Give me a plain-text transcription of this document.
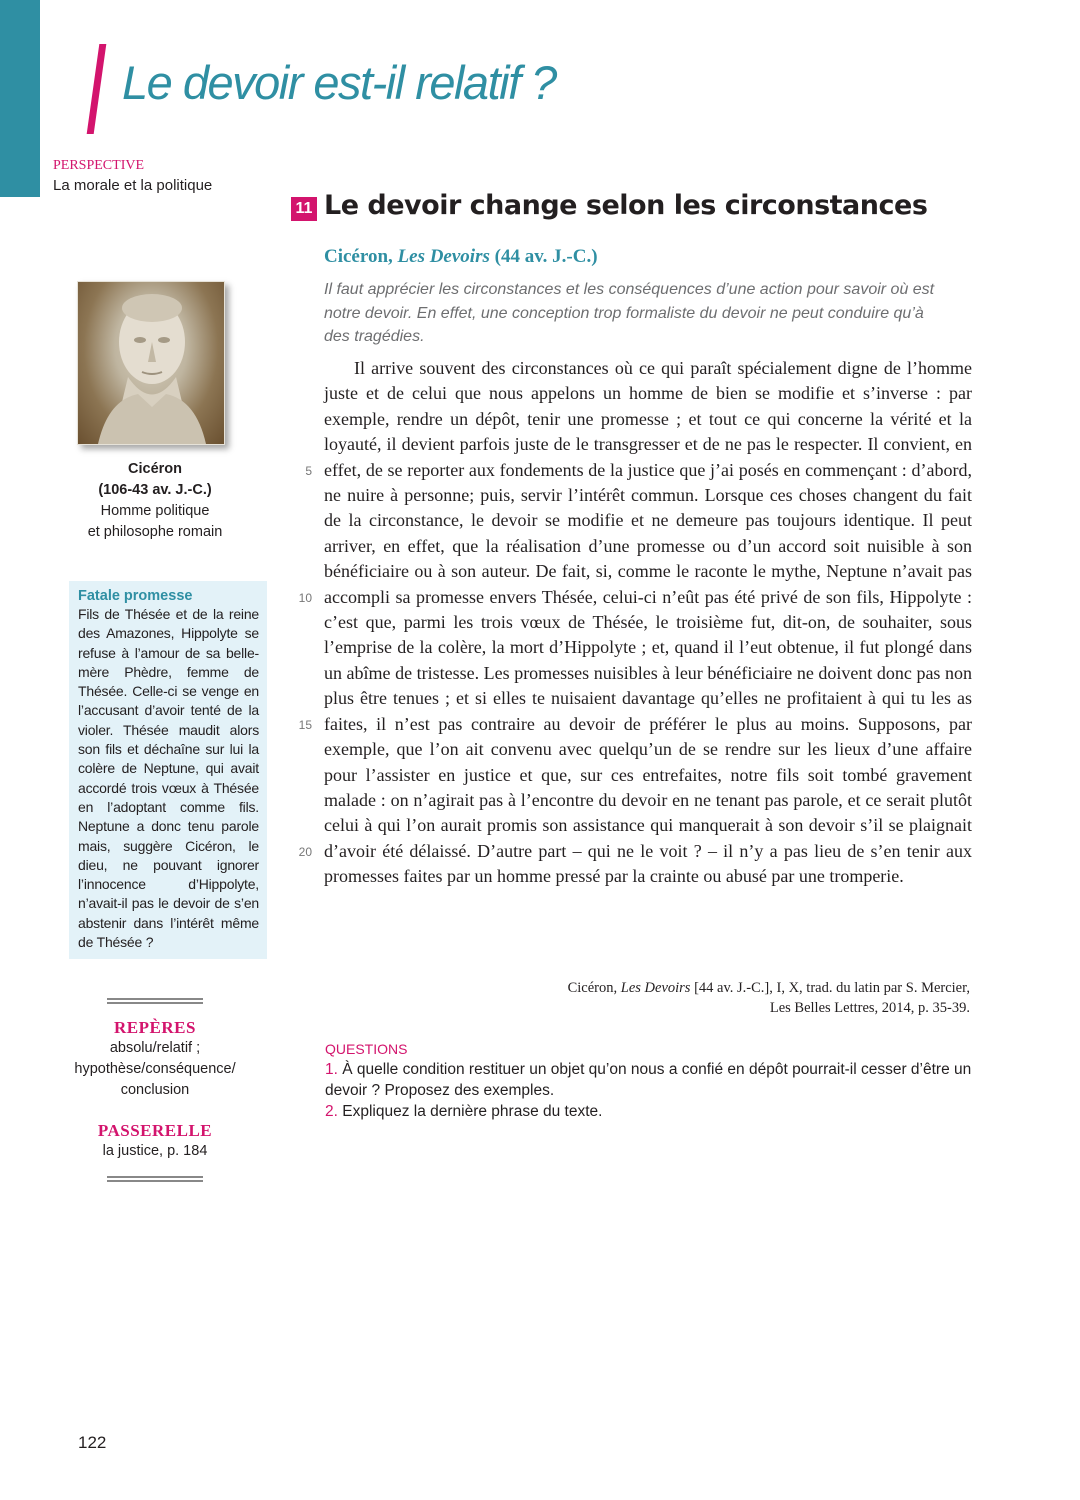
Le devoir est-il relatif ?
PERSPECTIVE
La morale et la politique
Cicéron
(106-43 av. J.-C.)
Homme politique
et philosophe romain
Fatale promesse
Fils de Thésée et de la reine des Amazones, Hippolyte se refuse à l’amour de sa belle-mère Phèdre, femme de Thésée. Celle-ci se venge en l’accusant d’avoir tenté de la violer. Thésée maudit alors son fils et déchaîne sur lui la colère de Neptune, qui avait accordé trois vœux à Thésée en l’adoptant comme fils. Neptune a donc tenu parole mais, suggère Cicéron, le dieu, ne pouvant ignorer l’innocence d’Hippolyte, n’avait-il pas le devoir de s’en abstenir dans l’intérêt même de Thésée ?
REPÈRES
absolu/relatif ;
hypothèse/conséquence/
conclusion
PASSERELLE
la justice, p. 184
11 Le devoir change selon les circonstances
Cicéron, Les Devoirs (44 av. J.-C.)
Il faut apprécier les circonstances et les conséquences d’une action pour savoir où est notre devoir. En effet, une conception trop formaliste du devoir ne peut conduire qu’à des tragédies.

Il arrive souvent des circonstances où ce qui paraît spécialement digne de l’homme juste et de celui que nous appelons un homme de bien se modifie et s’inverse : par exemple, rendre un dépôt, tenir une promesse ; et tout ce qui concerne la vérité et la loyauté, il devient parfois juste de le transgresser et de ne pas le respecter. Il convient, en effet, de se reporter aux fondements de la justice que j’ai posés en commençant : d’abord, ne nuire à personne; puis, servir l’intérêt commun. Lorsque ces choses changent du fait de la circonstance, le devoir se modifie et ne demeure pas toujours identique. Il peut arriver, en effet, que la réalisation d’une promesse ou d’un accord soit nuisible à son bénéficiaire ou à son auteur. De fait, si, comme le raconte le mythe, Neptune n’avait pas accompli sa promesse envers Thésée, celui-ci n’eût pas été privé de son fils, Hippolyte : c’est que, parmi les trois vœux de Thésée, le troisième fut, dit-on, de souhaiter, sous l’emprise de la colère, la mort d’Hippolyte ; et, quand il l’eut obtenue, il fut plongé dans un abîme de tristesse. Les promesses nuisibles à leur bénéficiaire ne doivent donc pas non plus être tenues ; et si elles te nuisaient davantage qu’elles ne profitaient à qui tu les as faites, il n’est pas contraire au devoir de préférer le plus au moins. Supposons, par exemple, que l’on ait convenu avec quelqu’un de se rendre sur les lieux d’une affaire pour l’assister en justice et que, sur ces entrefaites, notre fils soit tombé gravement malade : on n’agirait pas à l’encontre du devoir en ne tenant pas parole, et ce serait plutôt celui à qui l’on aurait promis son assistance qui manquerait à son devoir s’il se plaignait d’avoir été délaissé. D’autre part – qui ne le voit ? – il n’y a pas lieu de s’en tenir aux promesses faites par un homme pressé par la crainte ou abusé par une tromperie.

5
10
15
20
Cicéron, Les Devoirs [44 av. J.-C.], I, X, trad. du latin par S. Mercier,
Les Belles Lettres, 2014, p. 35-39.
QUESTIONS
1. À quelle condition restituer un objet qu’on nous a confié en dépôt pourrait-il cesser d’être un devoir ? Proposez des exemples.
2. Expliquez la dernière phrase du texte.
122
